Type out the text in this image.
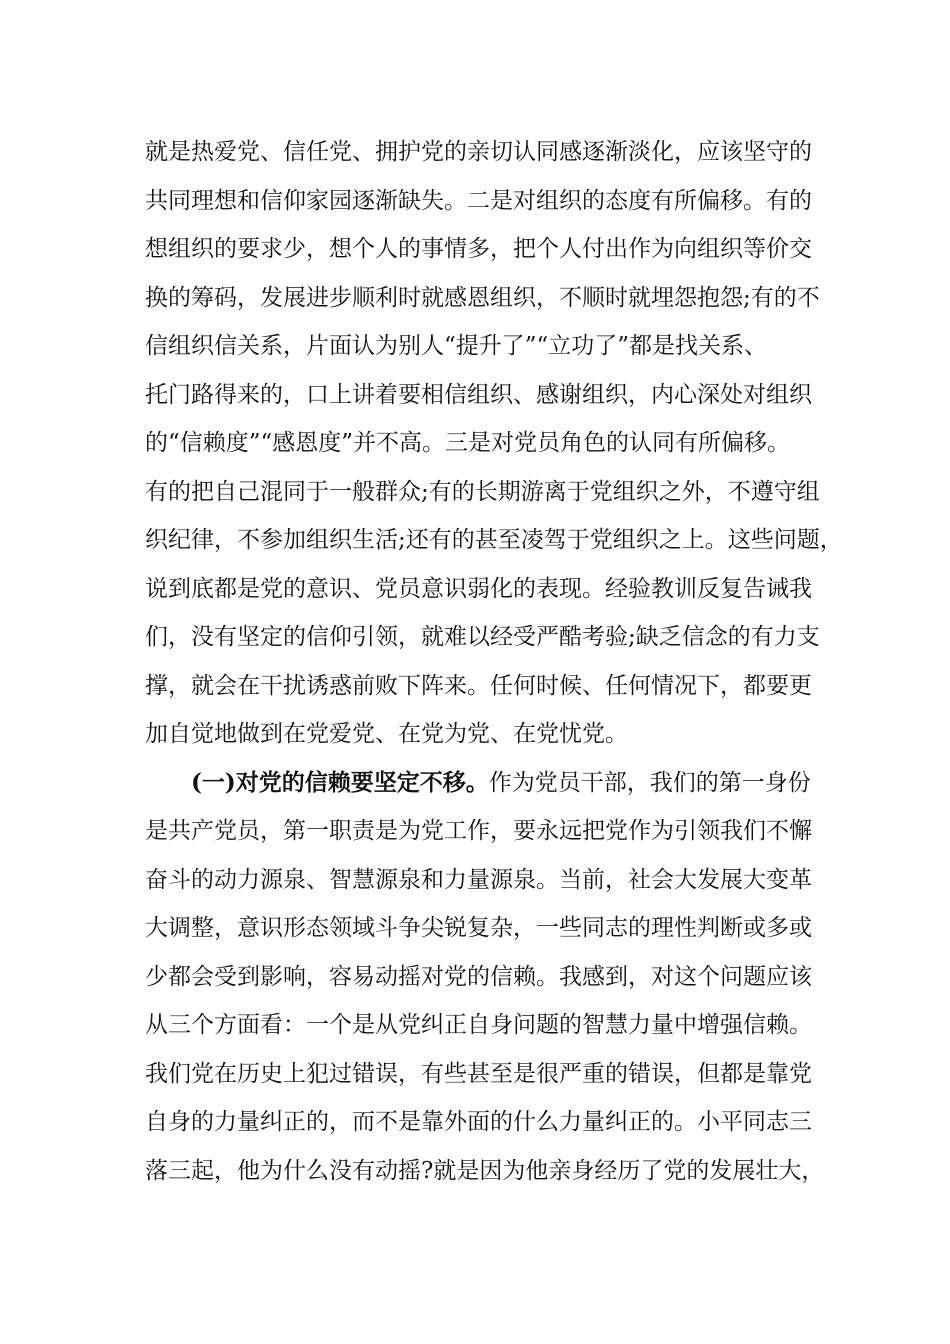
就是热爱党、信任党、拥护党的亲切认同感逐渐淡化，应该坚守的
共同理想和信仰家园逐渐缺失。二是对组织的态度有所偏移。有的
想组织的要求少，想个人的事情多，把个人付出作为向组织等价交
换的筹码，发展进步顺利时就感恩组织，不顺时就埋怨抱怨;有的不
信组织信关系，片面认为别人“提升了”“立功了”都是找关系、
托门路得来的，口上讲着要相信组织、感谢组织，内心深处对组织
的“信赖度”“感恩度”并不高。三是对党员角色的认同有所偏移。
有的把自己混同于一般群众;有的长期游离于党组织之外，不遵守组
织纪律，不参加组织生活;还有的甚至凌驾于党组织之上。这些问题，
说到底都是党的意识、党员意识弱化的表现。经验教训反复告诫我
们，没有坚定的信仰引领，就难以经受严酷考验;缺乏信念的有力支
撑，就会在干扰诱惑前败下阵来。任何时候、任何情况下，都要更
加自觉地做到在党爱党、在党为党、在党忧党。
(一)对党的信赖要坚定不移。作为党员干部，我们的第一身份
是共产党员，第一职责是为党工作，要永远把党作为引领我们不懈
奋斗的动力源泉、智慧源泉和力量源泉。当前，社会大发展大变革
大调整，意识形态领域斗争尖锐复杂，一些同志的理性判断或多或
少都会受到影响，容易动摇对党的信赖。我感到，对这个问题应该
从三个方面看：一个是从党纠正自身问题的智慧力量中增强信赖。
我们党在历史上犯过错误，有些甚至是很严重的错误，但都是靠党
自身的力量纠正的，而不是靠外面的什么力量纠正的。小平同志三
落三起，他为什么没有动摇?就是因为他亲身经历了党的发展壮大，
